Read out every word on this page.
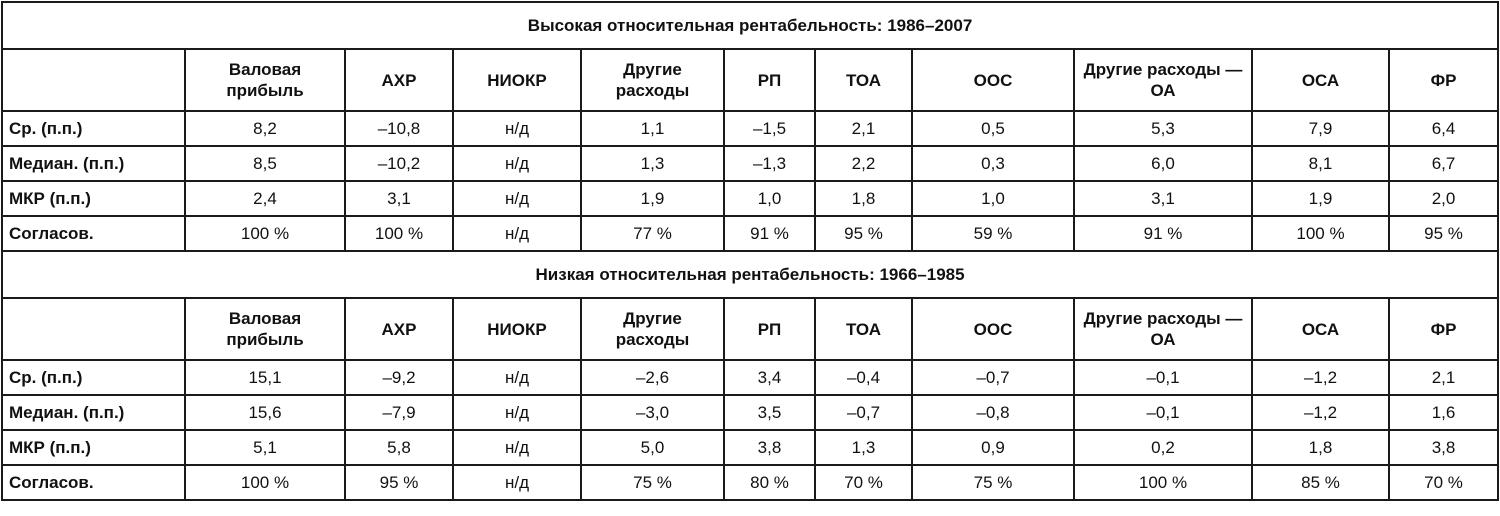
Высокая относительная рентабельность: 1986–2007										
	Валовая прибыль	АХР	НИОКР	Другие расходы	РП	ТОА	ООС	Другие расходы — ОА	ОСА	ФР
Ср. (п.п.)	8,2	–10,8	н/д	1,1	–1,5	2,1	0,5	5,3	7,9	6,4
Медиан. (п.п.)	8,5	–10,2	н/д	1,3	–1,3	2,2	0,3	6,0	8,1	6,7
МКР (п.п.)	2,4	3,1	н/д	1,9	1,0	1,8	1,0	3,1	1,9	2,0
Согласов.	100 %	100 %	н/д	77 %	91 %	95 %	59 %	91 %	100 %	95 %
Низкая относительная рентабельность: 1966–1985										
	Валовая прибыль	АХР	НИОКР	Другие расходы	РП	ТОА	ООС	Другие расходы — ОА	ОСА	ФР
Ср. (п.п.)	15,1	–9,2	н/д	–2,6	3,4	–0,4	–0,7	–0,1	–1,2	2,1
Медиан. (п.п.)	15,6	–7,9	н/д	–3,0	3,5	–0,7	–0,8	–0,1	–1,2	1,6
МКР (п.п.)	5,1	5,8	н/д	5,0	3,8	1,3	0,9	0,2	1,8	3,8
Согласов.	100 %	95 %	н/д	75 %	80 %	70 %	75 %	100 %	85 %	70 %
